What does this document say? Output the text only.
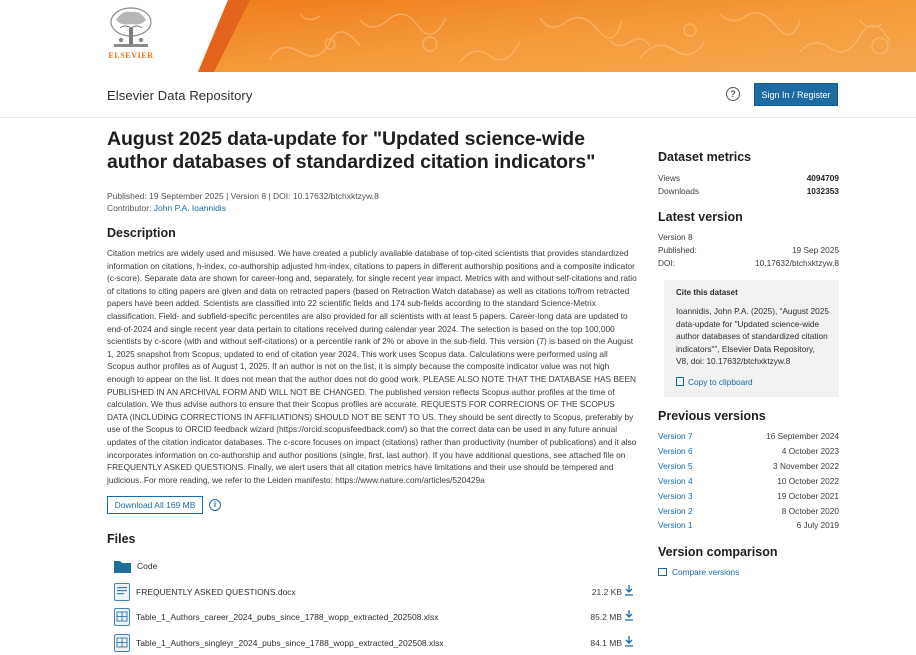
ELSEVIER
Elsevier Data Repository	?	Sign In / Register
August 2025 data-update for "Updated science-wide author databases of standardized citation indicators"
Published: 19 September 2025 | Version 8 | DOI: 10.17632/btchxktzyw.8
Contributor: John P.A. Ioannidis
Description

Citation metrics are widely used and misused. We have created a publicly available database of top-cited scientists that provides standardized information on citations, h-index, co-authorship adjusted hm-index, citations to papers in different authorship positions and a composite indicator (c-score). Separate data are shown for career-long and, separately, for single recent year impact. Metrics with and without self-citations and ratio of citations to citing papers are given and data on retracted papers (based on Retraction Watch database) as well as citations to/from retracted papers have been added. Scientists are classified into 22 scientific fields and 174 sub-fields according to the standard Science-Metrix classification. Field- and subfield-specific percentiles are also provided for all scientists with at least 5 papers. Career-long data are updated to end-of-2024 and single recent year data pertain to citations received during calendar year 2024. The selection is based on the top 100,000 scientists by c-score (with and without self-citations) or a percentile rank of 2% or above in the sub-field. This version (7) is based on the August 1, 2025 snapshot from Scopus, updated to end of citation year 2024. This work uses Scopus data. Calculations were performed using all Scopus author profiles as of August 1, 2025. If an author is not on the list, it is simply because the composite indicator value was not high enough to appear on the list. It does not mean that the author does not do good work. PLEASE ALSO NOTE THAT THE DATABASE HAS BEEN PUBLISHED IN AN ARCHIVAL FORM AND WILL NOT BE CHANGED. The published version reflects Scopus author profiles at the time of calculation. We thus advise authors to ensure that their Scopus profiles are accurate. REQUESTS FOR CORRECIONS OF THE SCOPUS DATA (INCLUDING CORRECTIONS IN AFFILIATIONS) SHOULD NOT BE SENT TO US. They should be sent directly to Scopus, preferably by use of the Scopus to ORCID feedback wizard (https://orcid.scopusfeedback.com/) so that the correct data can be used in any future annual updates of the citation indicator databases. The c-score focuses on impact (citations) rather than productivity (number of publications) and it also incorporates information on co-authorship and author positions (single, first, last author). If you have additional questions, see attached file on FREQUENTLY ASKED QUESTIONS. Finally, we alert users that all citation metrics have limitations and their use should be tempered and judicious. For more reading, we refer to the Leiden manifesto: https://www.nature.com/articles/520429a

Download All 169 MB	i
Files
Code
FREQUENTLY ASKED QUESTIONS.docx	21.2 KB
Table_1_Authors_career_2024_pubs_since_1788_wopp_extracted_202508.xlsx	85.2 MB
Table_1_Authors_singleyr_2024_pubs_since_1788_wopp_extracted_202508.xlsx	84.1 MB
Dataset metrics
Views	4094709
Downloads	1032353
Latest version
Version 8
Published:	19 Sep 2025
DOI:	10.17632/btchxktzyw.8
Cite this dataset
Ioannidis, John P.A. (2025), “August 2025 data-update for "Updated science-wide author databases of standardized citation indicators"”, Elsevier Data Repository, V8, doi: 10.17632/btchxktzyw.8
Copy to clipboard
Previous versions
Version 7	16 September 2024
Version 6	4 October 2023
Version 5	3 November 2022
Version 4	10 October 2022
Version 3	19 October 2021
Version 2	8 October 2020
Version 1	6 July 2019
Version comparison
Compare versions
